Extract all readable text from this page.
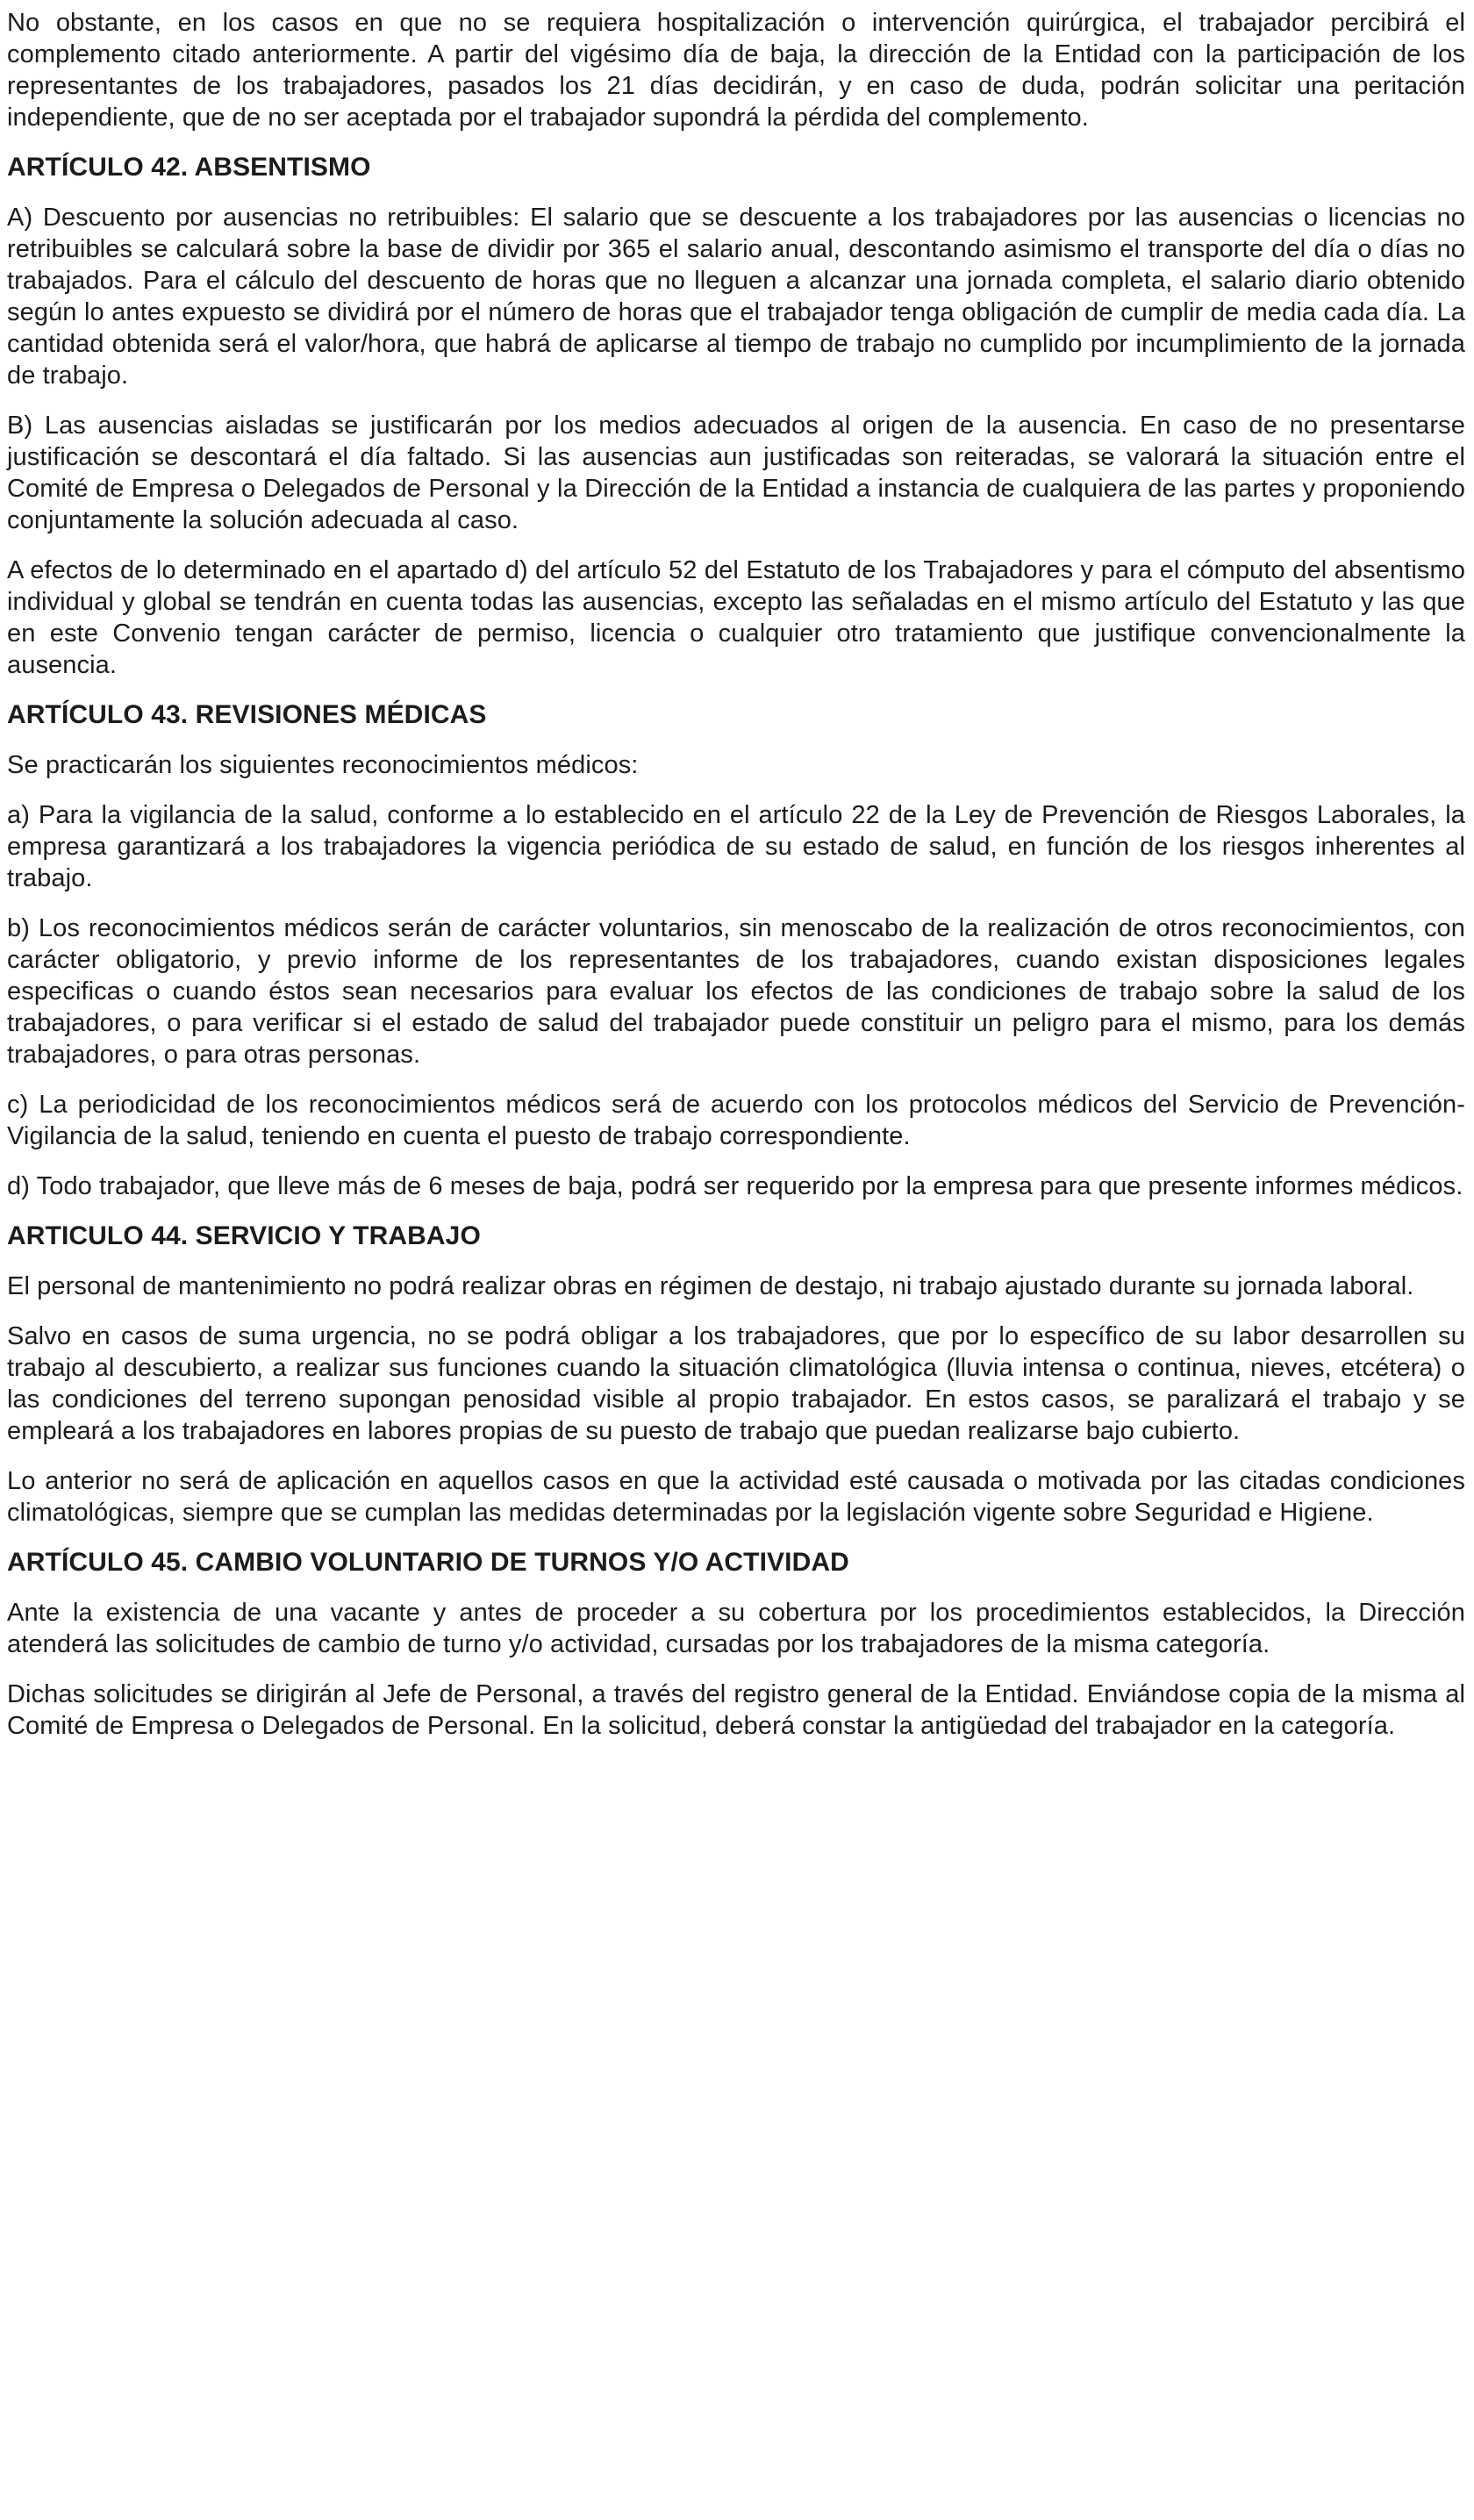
No obstante, en los casos en que no se requiera hospitalización o intervención quirúrgica, el trabajador percibirá el complemento citado anteriormente. A partir del vigésimo día de baja, la dirección de la Entidad con la participación de los representantes de los trabajadores, pasados los 21 días decidirán, y en caso de duda, podrán solicitar una peritación independiente, que de no ser aceptada por el trabajador supondrá la pérdida del complemento.

ARTÍCULO 42. ABSENTISMO

A) Descuento por ausencias no retribuibles: El salario que se descuente a los trabajadores por las ausencias o licencias no retribuibles se calculará sobre la base de dividir por 365 el salario anual, descontando asimismo el transporte del día o días no trabajados. Para el cálculo del descuento de horas que no lleguen a alcanzar una jornada completa, el salario diario obtenido según lo antes expuesto se dividirá por el número de horas que el trabajador tenga obligación de cumplir de media cada día. La cantidad obtenida será el valor/hora, que habrá de aplicarse al tiempo de trabajo no cumplido por incumplimiento de la jornada de trabajo.

B) Las ausencias aisladas se justificarán por los medios adecuados al origen de la ausencia. En caso de no presentarse justificación se descontará el día faltado. Si las ausencias aun justificadas son reiteradas, se valorará la situación entre el Comité de Empresa o Delegados de Personal y la Dirección de la Entidad a instancia de cualquiera de las partes y proponiendo conjuntamente la solución adecuada al caso.

A efectos de lo determinado en el apartado d) del artículo 52 del Estatuto de los Trabajadores y para el cómputo del absentismo individual y global se tendrán en cuenta todas las ausencias, excepto las señaladas en el mismo artículo del Estatuto y las que en este Convenio tengan carácter de permiso, licencia o cualquier otro tratamiento que justifique convencionalmente la ausencia.

ARTÍCULO 43. REVISIONES MÉDICAS

Se practicarán los siguientes reconocimientos médicos:

a) Para la vigilancia de la salud, conforme a lo establecido en el artículo 22 de la Ley de Prevención de Riesgos Laborales, la empresa garantizará a los trabajadores la vigencia periódica de su estado de salud, en función de los riesgos inherentes al trabajo.

b) Los reconocimientos médicos serán de carácter voluntarios, sin menoscabo de la realización de otros reconocimientos, con carácter obligatorio, y previo informe de los representantes de los trabajadores, cuando existan disposiciones legales especificas o cuando éstos sean necesarios para evaluar los efectos de las condiciones de trabajo sobre la salud de los trabajadores, o para verificar si el estado de salud del trabajador puede constituir un peligro para el mismo, para los demás trabajadores, o para otras personas.

c) La periodicidad de los reconocimientos médicos será de acuerdo con los protocolos médicos del Servicio de Prevención-Vigilancia de la salud, teniendo en cuenta el puesto de trabajo correspondiente.

d) Todo trabajador, que lleve más de 6 meses de baja, podrá ser requerido por la empresa para que presente informes médicos.

ARTICULO 44. SERVICIO Y TRABAJO

El personal de mantenimiento no podrá realizar obras en régimen de destajo, ni trabajo ajustado durante su jornada laboral.

Salvo en casos de suma urgencia, no se podrá obligar a los trabajadores, que por lo específico de su labor desarrollen su trabajo al descubierto, a realizar sus funciones cuando la situación climatológica (lluvia intensa o continua, nieves, etcétera) o las condiciones del terreno supongan penosidad visible al propio trabajador. En estos casos, se paralizará el trabajo y se empleará a los trabajadores en labores propias de su puesto de trabajo que puedan realizarse bajo cubierto.

Lo anterior no será de aplicación en aquellos casos en que la actividad esté causada o motivada por las citadas condiciones climatológicas, siempre que se cumplan las medidas determinadas por la legislación vigente sobre Seguridad e Higiene.

ARTÍCULO 45. CAMBIO VOLUNTARIO DE TURNOS Y/O ACTIVIDAD

Ante la existencia de una vacante y antes de proceder a su cobertura por los procedimientos establecidos, la Dirección atenderá las solicitudes de cambio de turno y/o actividad, cursadas por los trabajadores de la misma categoría.

Dichas solicitudes se dirigirán al Jefe de Personal, a través del registro general de la Entidad. Enviándose copia de la misma al Comité de Empresa o Delegados de Personal. En la solicitud, deberá constar la antigüedad del trabajador en la categoría.
